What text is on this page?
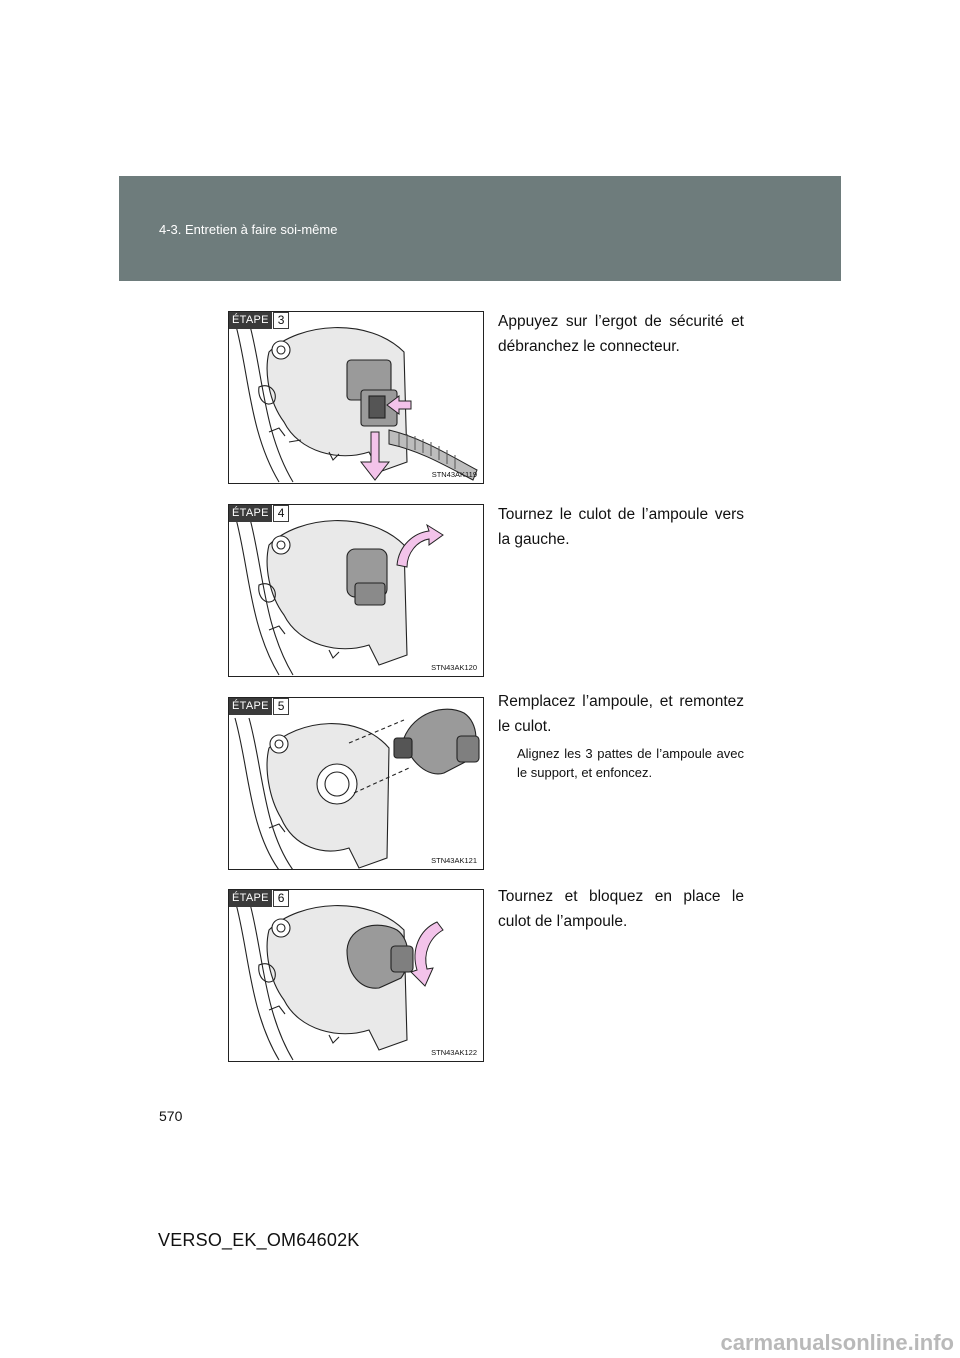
4-3. Entretien à faire soi-même
ÉTAPE 3
STN43AK119
Appuyez sur l’ergot de sécurité et débranchez le connecteur.
ÉTAPE 4
STN43AK120
Tournez le culot de l’ampoule vers la gauche.
ÉTAPE 5
STN43AK121
Remplacez l’ampoule, et remontez le culot.
Alignez les 3 pattes de l’ampoule avec le support, et enfoncez.
ÉTAPE 6
STN43AK122
Tournez et bloquez en place le culot de l’ampoule.
570
VERSO_EK_OM64602K
carmanualsonline.info
